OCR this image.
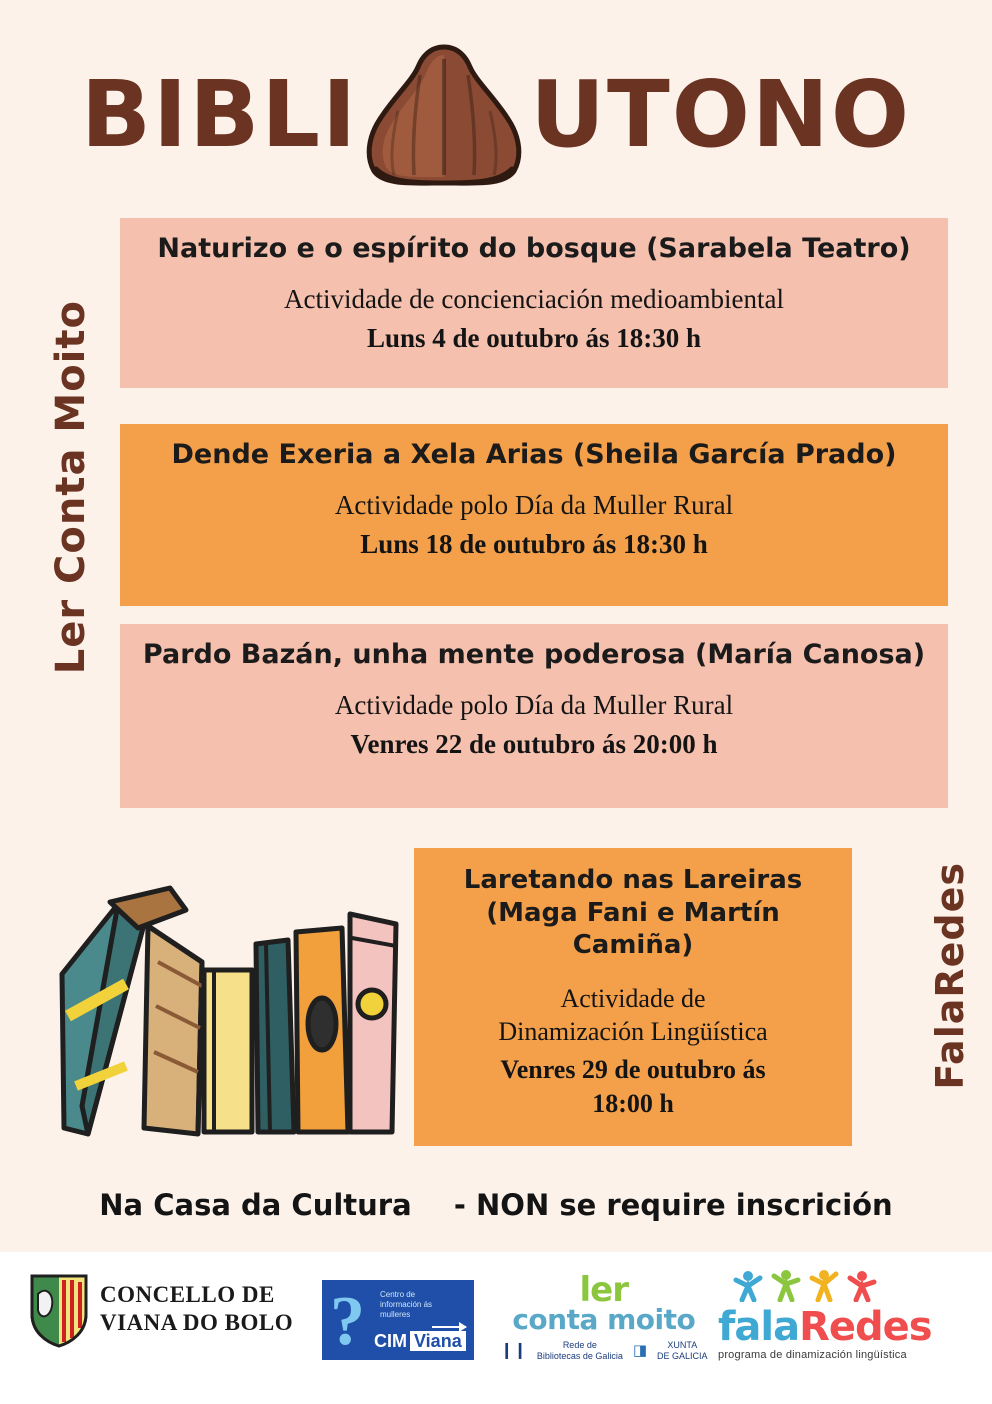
BIBLI UTONO
Ler Conta Moito
FalaRedes
Naturizo e o espírito do bosque (Sarabela Teatro)
Actividade de concienciación medioambiental
Luns 4 de outubro ás 18:30 h
Dende Exeria a Xela Arias (Sheila García Prado)
Actividade polo Día da Muller Rural
Luns 18 de outubro ás 18:30 h
Pardo Bazán, unha mente poderosa (María Canosa)
Actividade polo Día da Muller Rural
Venres 22 de outubro ás 20:00 h
Laretando nas Lareiras
(Maga Fani e Martín Camiña)
Actividade de
Dinamización Lingüística
Venres 29 de outubro ás
18:00 h
Na Casa da Cultura - NON se require inscrición
CONCELLO DE
VIANA DO BOLO ? Centro de
información ás
mulleres
CIM Viana
ler
conta moito
❙❙	Rede de
Bibliotecas de Galicia ◨	XUNTA
DE GALICIA
falaRedes
programa de dinamización lingüística
